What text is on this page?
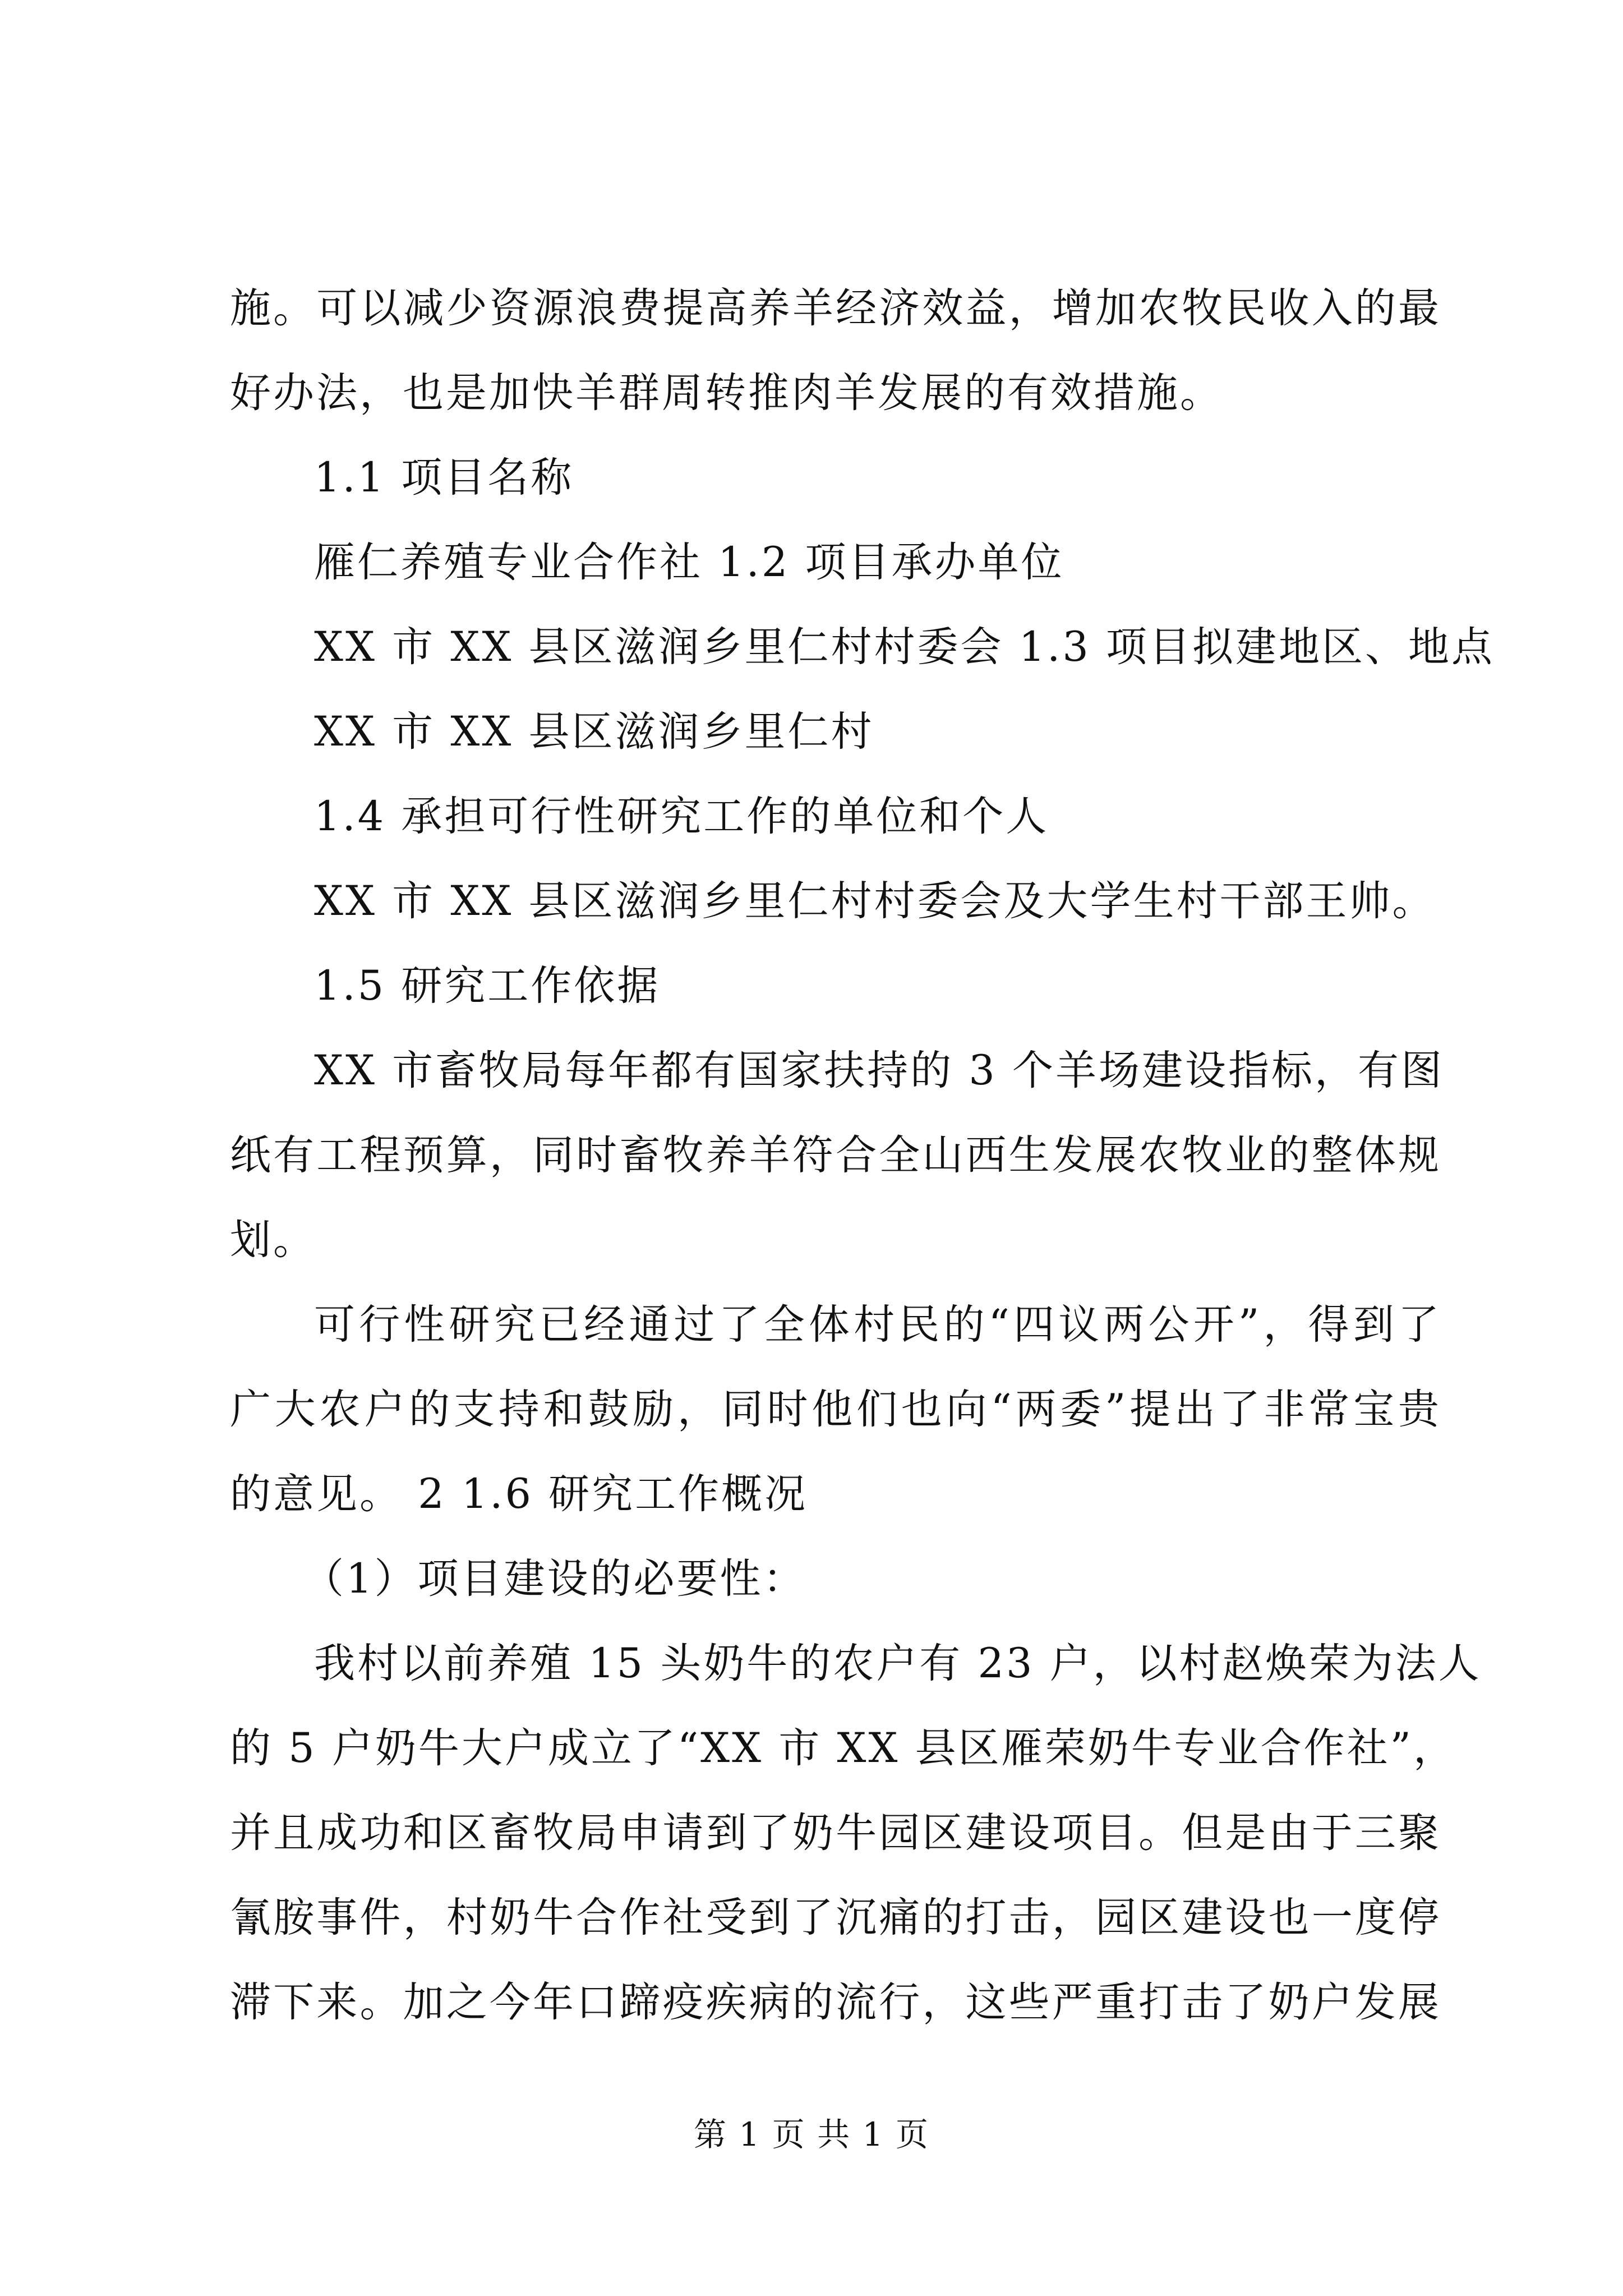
施。可以减少资源浪费提高养羊经济效益，增加农牧民收入的最
好办法，也是加快羊群周转推肉羊发展的有效措施。
1.1 项目名称
雁仁养殖专业合作社 1.2 项目承办单位
XX 市 XX 县区滋润乡里仁村村委会 1.3 项目拟建地区、地点
XX 市 XX 县区滋润乡里仁村
1.4 承担可行性研究工作的单位和个人
XX 市 XX 县区滋润乡里仁村村委会及大学生村干部王帅。
1.5 研究工作依据
XX 市畜牧局每年都有国家扶持的 3 个羊场建设指标，有图
纸有工程预算，同时畜牧养羊符合全山西生发展农牧业的整体规
划。
可行性研究已经通过了全体村民的“四议两公开”，得到了
广大农户的支持和鼓励，同时他们也向“两委”提出了非常宝贵
的意见。 2 1.6 研究工作概况
（1）项目建设的必要性：
我村以前养殖 15 头奶牛的农户有 23 户，以村赵焕荣为法人
的 5 户奶牛大户成立了“XX 市 XX 县区雁荣奶牛专业合作社”，
并且成功和区畜牧局申请到了奶牛园区建设项目。但是由于三聚
氰胺事件，村奶牛合作社受到了沉痛的打击，园区建设也一度停
滞下来。加之今年口蹄疫疾病的流行，这些严重打击了奶户发展
第 1 页 共 1 页
